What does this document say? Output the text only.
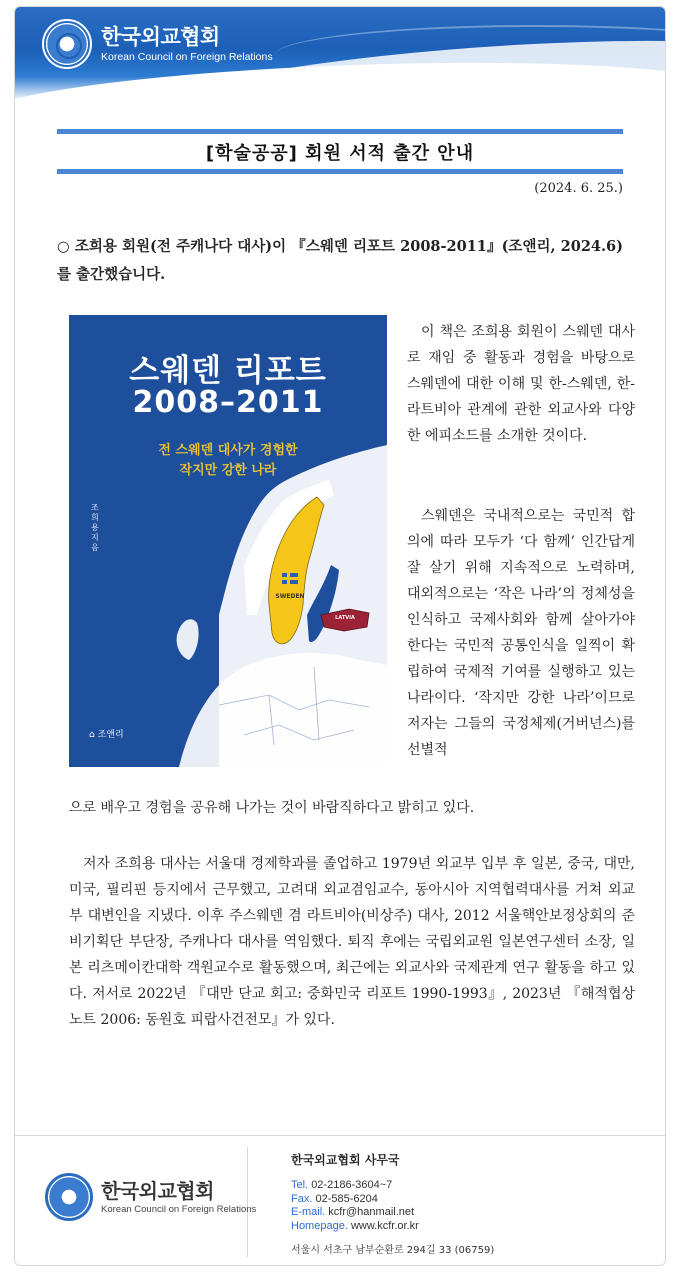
한국외교협회
Korean Council on Foreign Relations
[학술공공] 회원 서적 출간 안내
(2024. 6. 25.)
○ 조희용 회원(전 주캐나다 대사)이 『스웨덴 리포트 2008-2011』(조앤리, 2024.6)를 출간했습니다.
SWEDEN
LATVIA
스웨덴 리포트
2008–2011
전 스웨덴 대사가 경험한
작지만 강한 나라
조희용 지음
⌂ 조앤리
이 책은 조희용 회원이 스웨덴 대사로 재임 중 활동과 경험을 바탕으로 스웨덴에 대한 이해 및 한-스웨덴, 한-라트비아 관계에 관한 외교사와 다양한 에피소드를 소개한 것이다.
스웨덴은 국내적으로는 국민적 합의에 따라 모두가 ‘다 함께’ 인간답게 잘 살기 위해 지속적으로 노력하며, 대외적으로는 ‘작은 나라’의 정체성을 인식하고 국제사회와 함께 살아가야 한다는 국민적 공통인식을 일찍이 확립하여 국제적 기여를 실행하고 있는 나라이다. ‘작지만 강한 나라’이므로 저자는 그들의 국정체제(거버넌스)를 선별적
으로 배우고 경험을 공유해 나가는 것이 바람직하다고 밝히고 있다.
저자 조희용 대사는 서울대 경제학과를 졸업하고 1979년 외교부 입부 후 일본, 중국, 대만, 미국, 필리핀 등지에서 근무했고, 고려대 외교겸임교수, 동아시아 지역협력대사를 거쳐 외교부 대변인을 지냈다. 이후 주스웨덴 겸 라트비아(비상주) 대사, 2012 서울핵안보정상회의 준비기획단 부단장, 주캐나다 대사를 역임했다. 퇴직 후에는 국립외교원 일본연구센터 소장, 일본 리츠메이칸대학 객원교수로 활동했으며, 최근에는 외교사와 국제관계 연구 활동을 하고 있다. 저서로 2022년 『대만 단교 회고: 중화민국 리포트 1990-1993』, 2023년 『해적협상노트 2006: 동원호 피랍사건전모』가 있다.
한국외교협회
Korean Council on Foreign Relations
한국외교협회 사무국
Tel. 02-2186-3604~7
Fax. 02-585-6204
E-mail. kcfr@hanmail.net
Homepage. www.kcfr.or.kr
서울시 서초구 남부순환로 294길 33 (06759)
